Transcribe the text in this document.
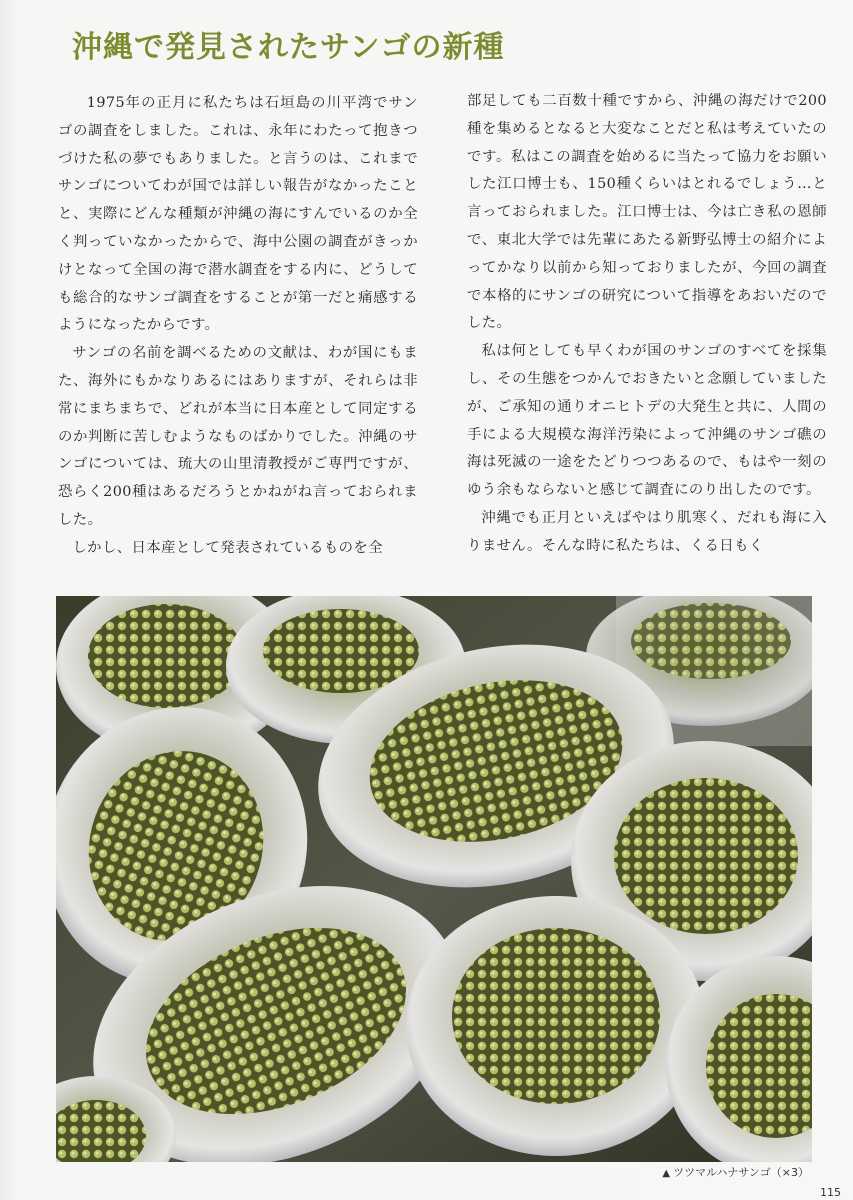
沖縄で発見されたサンゴの新種

1975年の正月に私たちは石垣島の川平湾でサンゴの調査をしました。これは、永年にわたって抱きつづけた私の夢でもありました。と言うのは、これまでサンゴについてわが国では詳しい報告がなかったことと、実際にどんな種類が沖縄の海にすんでいるのか全く判っていなかったからで、海中公園の調査がきっかけとなって全国の海で潜水調査をする内に、どうしても総合的なサンゴ調査をすることが第一だと痛感するようになったからです。

サンゴの名前を調べるための文献は、わが国にもまた、海外にもかなりあるにはありますが、それらは非常にまちまちで、どれが本当に日本産として同定するのか判断に苦しむようなものばかりでした。沖縄のサンゴについては、琉大の山里清教授がご専門ですが、恐らく200種はあるだろうとかねがね言っておられました。

しかし、日本産として発表されているものを全

部足しても二百数十種ですから、沖縄の海だけで200種を集めるとなると大変なことだと私は考えていたのです。私はこの調査を始めるに当たって協力をお願いした江口博士も、150種くらいはとれるでしょう…と言っておられました。江口博士は、今は亡き私の恩師で、東北大学では先輩にあたる新野弘博士の紹介によってかなり以前から知っておりましたが、今回の調査で本格的にサンゴの研究について指導をあおいだのでした。

私は何としても早くわが国のサンゴのすべてを採集し、その生態をつかんでおきたいと念願していましたが、ご承知の通りオニヒトデの大発生と共に、人間の手による大規模な海洋汚染によって沖縄のサンゴ礁の海は死滅の一途をたどりつつあるので、もはや一刻のゆう余もならないと感じて調査にのり出したのです。

沖縄でも正月といえばやはり肌寒く、だれも海に入りません。そんな時に私たちは、くる日もく

▲ ツツマルハナサンゴ（×3）
115
